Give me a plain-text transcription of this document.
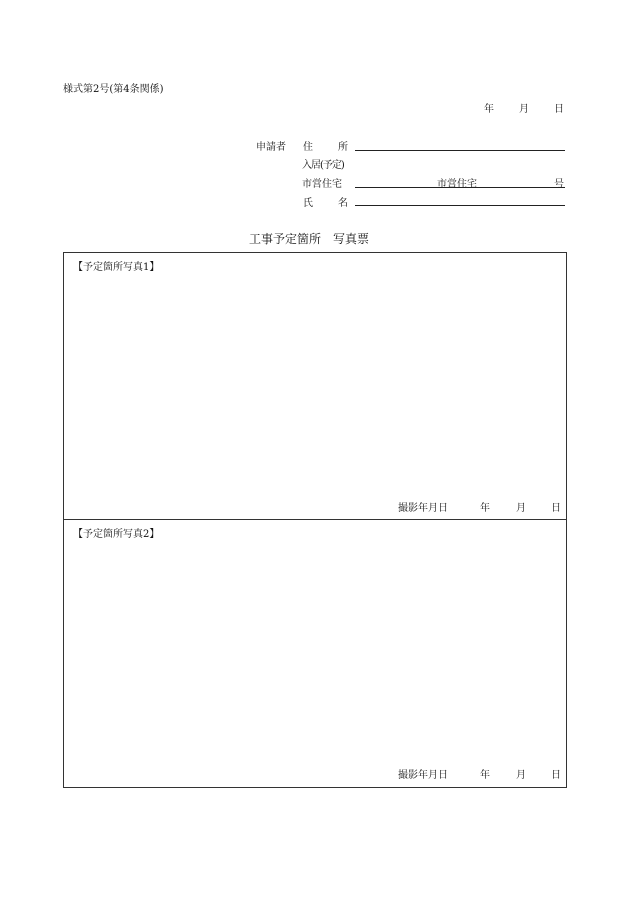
様式第2号(第4条関係)
年	月	日
申請者 住	所
入居(予定)
市営住宅	市営住宅	号
氏	名
工事予定箇所　写真票
【予定箇所写真1】
撮影年月日	年	月	日
【予定箇所写真2】
撮影年月日	年	月	日
